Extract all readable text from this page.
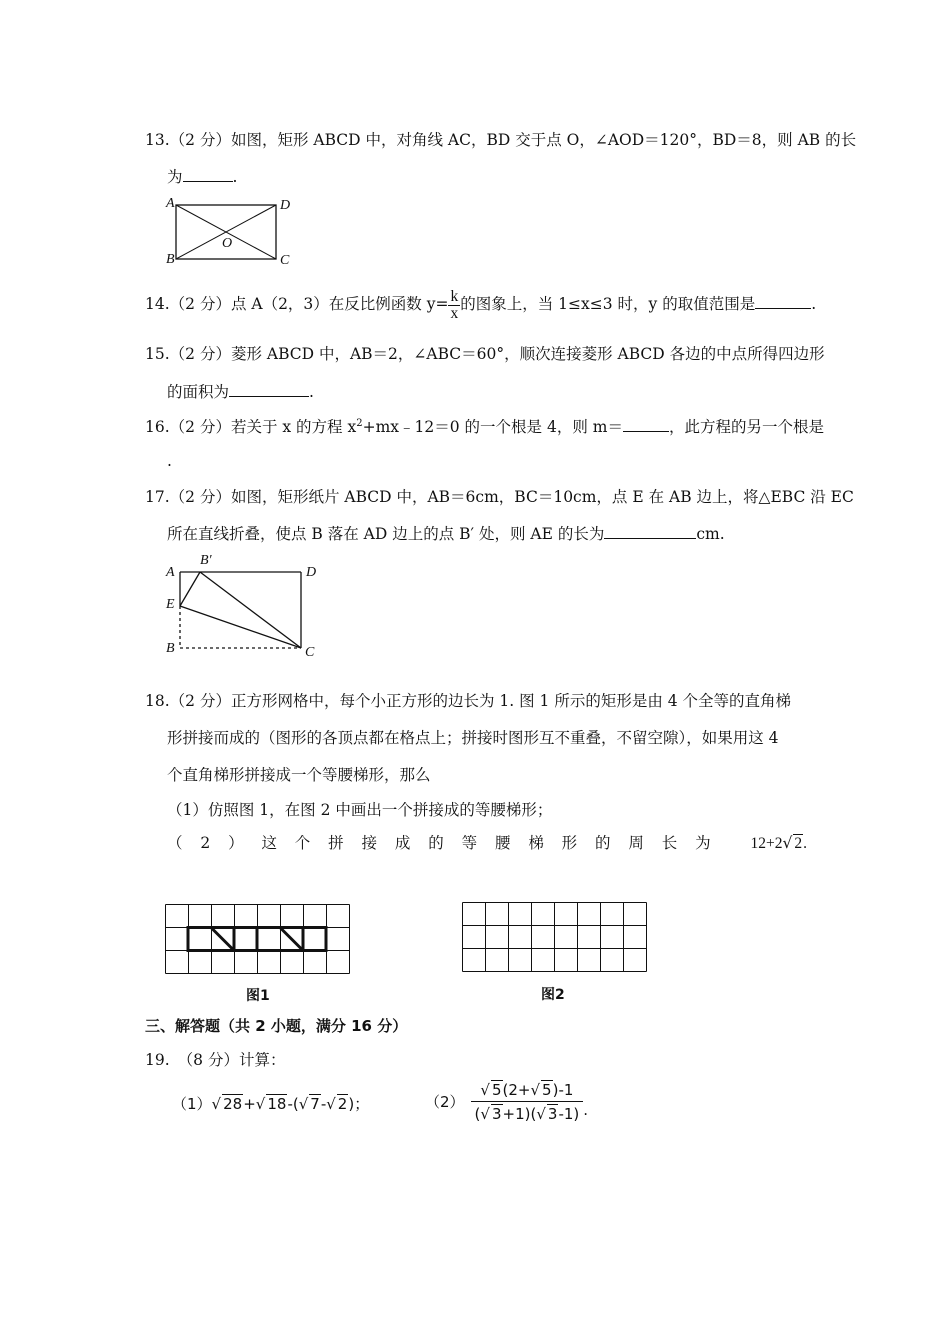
13.（2 分）如图，矩形 ABCD 中，对角线 AC，BD 交于点 O，∠AOD＝120°，BD＝8，则 AB 的长
为	.
A	D
B	C
O
14.（2 分）点 A（2，3）在反比例函数 $y= \frac{k}{x}$ 的图象上，当 1≤x≤3 时，y 的取值范围是	.
15.（2 分）菱形 ABCD 中，AB＝2，∠ABC＝60°，顺次连接菱形 ABCD 各边的中点所得四边形
的面积为	.
16.（2 分）若关于 x 的方程 $x^2+mx﹣12=0$ 的一个根是 4，则 m＝	，此方程的另一个根是
.
17.（2 分）如图，矩形纸片 ABCD 中，AB＝6cm，BC＝10cm，点 E 在 AB 边上，将△EBC 沿 EC
所在直线折叠，使点 B 落在 AD 边上的点 B′ 处，则 AE 的长为	cm.
A
B′
D
E
B	C
18.（2 分）正方形网格中，每个小正方形的边长为 1. 图 1 所示的矩形是由 4 个全等的直角梯
形拼接而成的（图形的各顶点都在格点上；拼接时图形互不重叠，不留空隙），如果用这 4
个直角梯形拼接成一个等腰梯形，那么
（1）仿照图 1，在图 2 中画出一个拼接成的等腰梯形；
（ 2 ） 这 个 拼 接 成 的 等 腰 梯 形 的 周 长 为	12+2√ 2.
图1	图2
三、解答题（共 2 小题，满分 16 分）
19. （8 分）计算：
（1）√ 28+√ 18-(√ 7-√ 2)；	$(2) \frac{√ 5(2+√ 5)-1}{(√ 3+1)(√ 3-1)}$ .
